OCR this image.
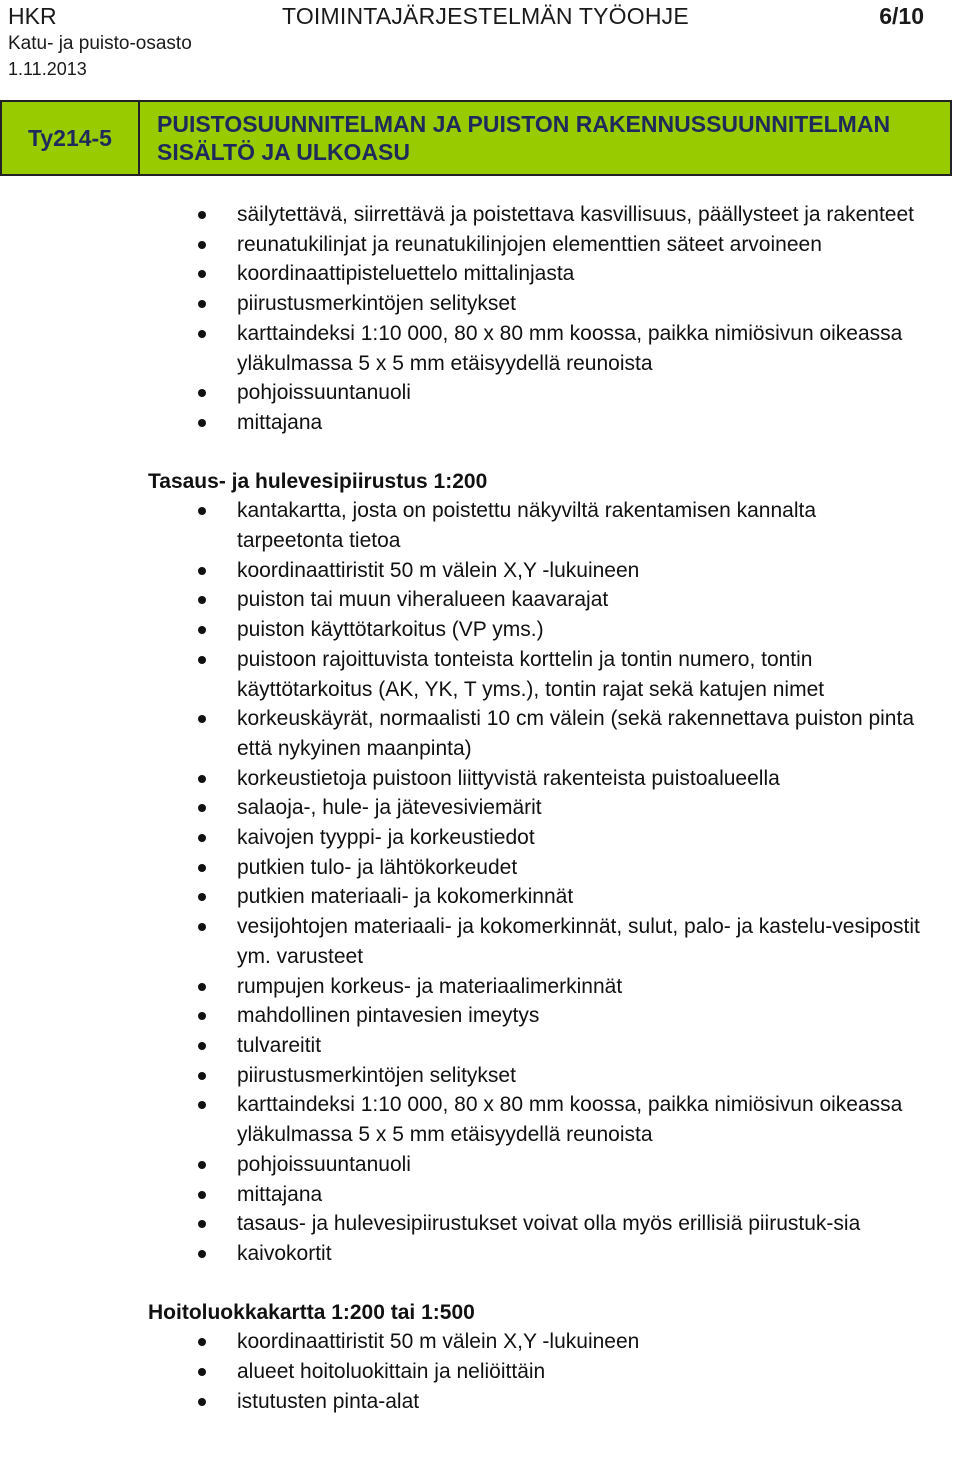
HKR	TOIMINTAJÄRJESTELMÄN TYÖOHJE	6/10
Katu- ja puisto-osasto
1.11.2013
Ty214-5
PUISTOSUUNNITELMAN JA PUISTON RAKENNUSSUUNNITELMAN
SISÄLTÖ JA ULKOASU
säilytettävä, siirrettävä ja poistettava kasvillisuus, päällysteet ja rakenteet
reunatukilinjat ja reunatukilinjojen elementtien säteet arvoineen
koordinaattipisteluettelo mittalinjasta
piirustusmerkintöjen selitykset
karttaindeksi 1:10 000, 80 x 80 mm koossa, paikka nimiösivun oikeassa yläkulmassa 5 x 5 mm etäisyydellä reunoista
pohjoissuuntanuoli
mittajana
Tasaus- ja hulevesipiirustus 1:200
kantakartta, josta on poistettu näkyviltä rakentamisen kannalta tarpeetonta tietoa
koordinaattiristit 50 m välein X,Y -lukuineen
puiston tai muun viheralueen kaavarajat
puiston käyttötarkoitus (VP yms.)
puistoon rajoittuvista tonteista korttelin ja tontin numero, tontin käyttötarkoitus (AK, YK, T yms.), tontin rajat sekä katujen nimet
korkeuskäyrät, normaalisti 10 cm välein (sekä rakennettava puiston pinta että nykyinen maanpinta)
korkeustietoja puistoon liittyvistä rakenteista puistoalueella
salaoja-, hule- ja jätevesiviemärit
kaivojen tyyppi- ja korkeustiedot
putkien tulo- ja lähtökorkeudet
putkien materiaali- ja kokomerkinnät
vesijohtojen materiaali- ja kokomerkinnät, sulut, palo- ja kastelu-vesipostit ym. varusteet
rumpujen korkeus- ja materiaalimerkinnät
mahdollinen pintavesien imeytys
tulvareitit
piirustusmerkintöjen selitykset
karttaindeksi 1:10 000, 80 x 80 mm koossa, paikka nimiösivun oikeassa yläkulmassa 5 x 5 mm etäisyydellä reunoista
pohjoissuuntanuoli
mittajana
tasaus- ja hulevesipiirustukset voivat olla myös erillisiä piirustuk-sia
kaivokortit
Hoitoluokkakartta 1:200 tai 1:500
koordinaattiristit 50 m välein X,Y -lukuineen
alueet hoitoluokittain ja neliöittäin
istutusten pinta-alat
